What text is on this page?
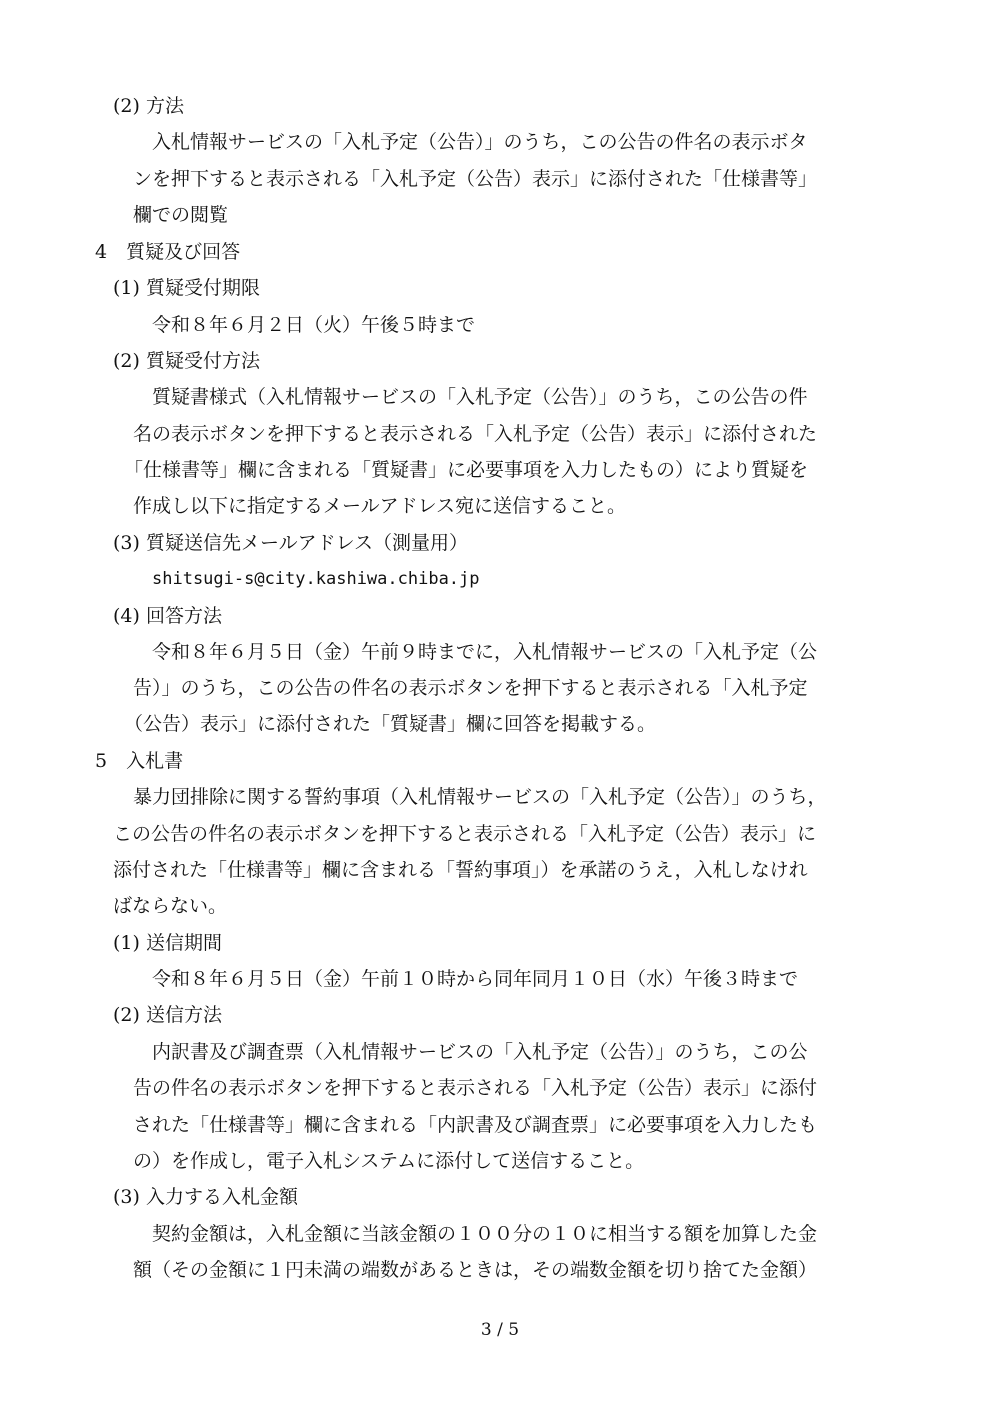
(2) 方法
入札情報サービスの「入札予定（公告）」のうち，この公告の件名の表示ボタ
ンを押下すると表示される「入札予定（公告）表示」に添付された「仕様書等」
欄での閲覧
4　質疑及び回答
(1) 質疑受付期限
令和８年６月２日（火）午後５時まで
(2) 質疑受付方法
質疑書様式（入札情報サービスの「入札予定（公告）」のうち，この公告の件
名の表示ボタンを押下すると表示される「入札予定（公告）表示」に添付された
「仕様書等」欄に含まれる「質疑書」に必要事項を入力したもの）により質疑を
作成し以下に指定するメールアドレス宛に送信すること。
(3) 質疑送信先メールアドレス（測量用）
shitsugi-s@city.kashiwa.chiba.jp
(4) 回答方法
令和８年６月５日（金）午前９時までに，入札情報サービスの「入札予定（公
告）」のうち，この公告の件名の表示ボタンを押下すると表示される「入札予定
（公告）表示」に添付された「質疑書」欄に回答を掲載する。
5　入札書
暴力団排除に関する誓約事項（入札情報サービスの「入札予定（公告）」のうち，
この公告の件名の表示ボタンを押下すると表示される「入札予定（公告）表示」に
添付された「仕様書等」欄に含まれる「誓約事項」）を承諾のうえ，入札しなけれ
ばならない。
(1) 送信期間
令和８年６月５日（金）午前１０時から同年同月１０日（水）午後３時まで
(2) 送信方法
内訳書及び調査票（入札情報サービスの「入札予定（公告）」のうち，この公
告の件名の表示ボタンを押下すると表示される「入札予定（公告）表示」に添付
された「仕様書等」欄に含まれる「内訳書及び調査票」に必要事項を入力したも
の）を作成し，電子入札システムに添付して送信すること。
(3) 入力する入札金額
契約金額は，入札金額に当該金額の１００分の１０に相当する額を加算した金
額（その金額に１円未満の端数があるときは，その端数金額を切り捨てた金額）
3 / 5
